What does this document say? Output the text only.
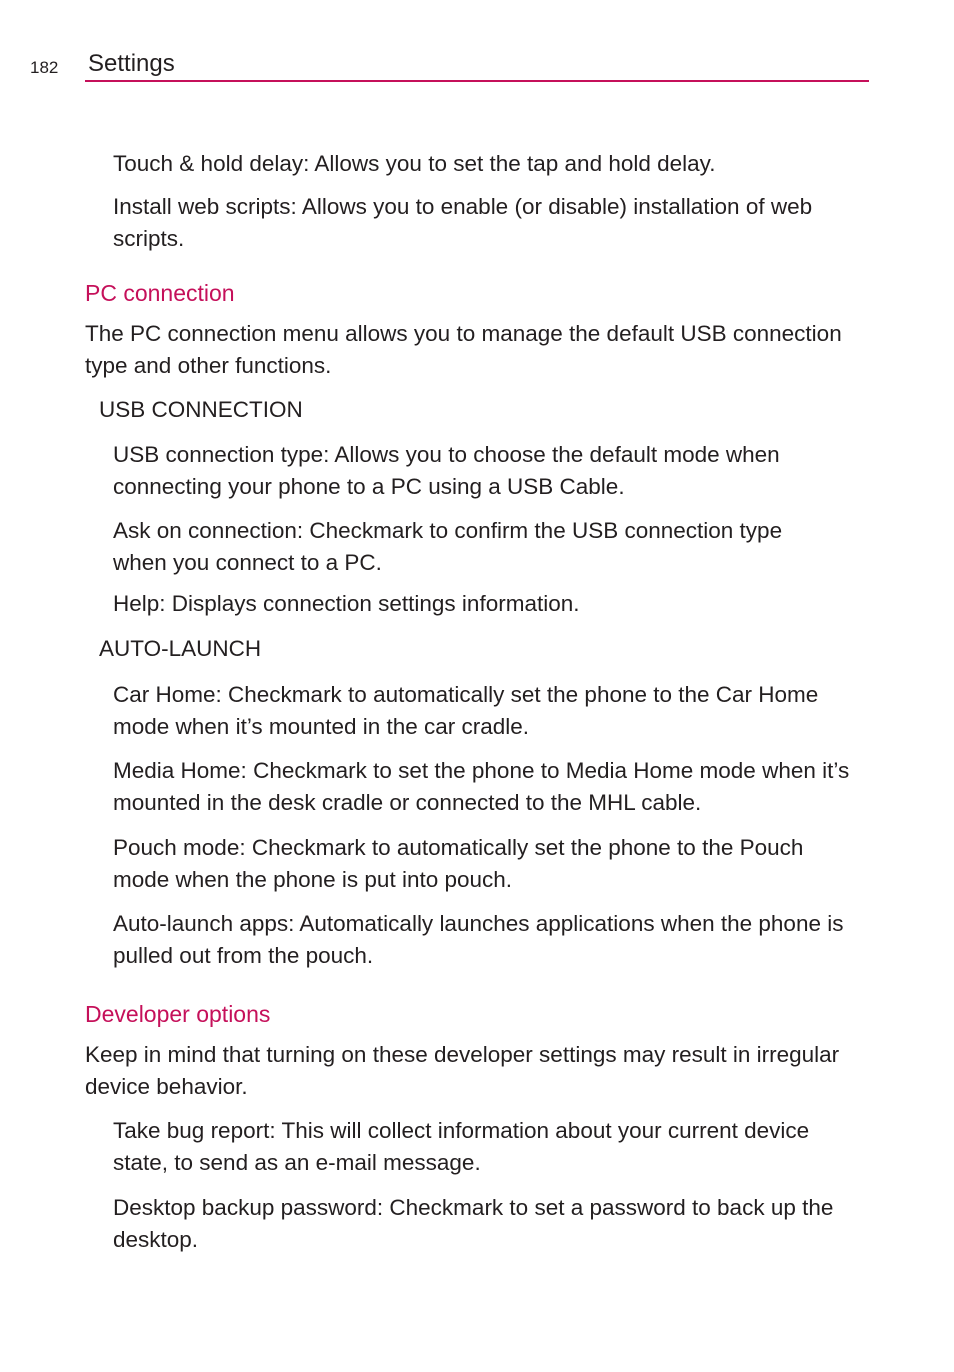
182 Settings
Touch & hold delay: Allows you to set the tap and hold delay.
Install web scripts: Allows you to enable (or disable) installation of web scripts.
PC connection
The PC connection menu allows you to manage the default USB connection type and other functions.
USB CONNECTION
USB connection type: Allows you to choose the default mode when connecting your phone to a PC using a USB Cable.
Ask on connection: Checkmark to confirm the USB connection type when you connect to a PC.
Help: Displays connection settings information.
AUTO-LAUNCH
Car Home: Checkmark to automatically set the phone to the Car Home mode when it’s mounted in the car cradle.
Media Home: Checkmark to set the phone to Media Home mode when it’s mounted in the desk cradle or connected to the MHL cable.
Pouch mode: Checkmark to automatically set the phone to the Pouch mode when the phone is put into pouch.
Auto-launch apps: Automatically launches applications when the phone is pulled out from the pouch.
Developer options
Keep in mind that turning on these developer settings may result in irregular device behavior.
Take bug report: This will collect information about your current device state, to send as an e-mail message.
Desktop backup password: Checkmark to set a password to back up the desktop.
